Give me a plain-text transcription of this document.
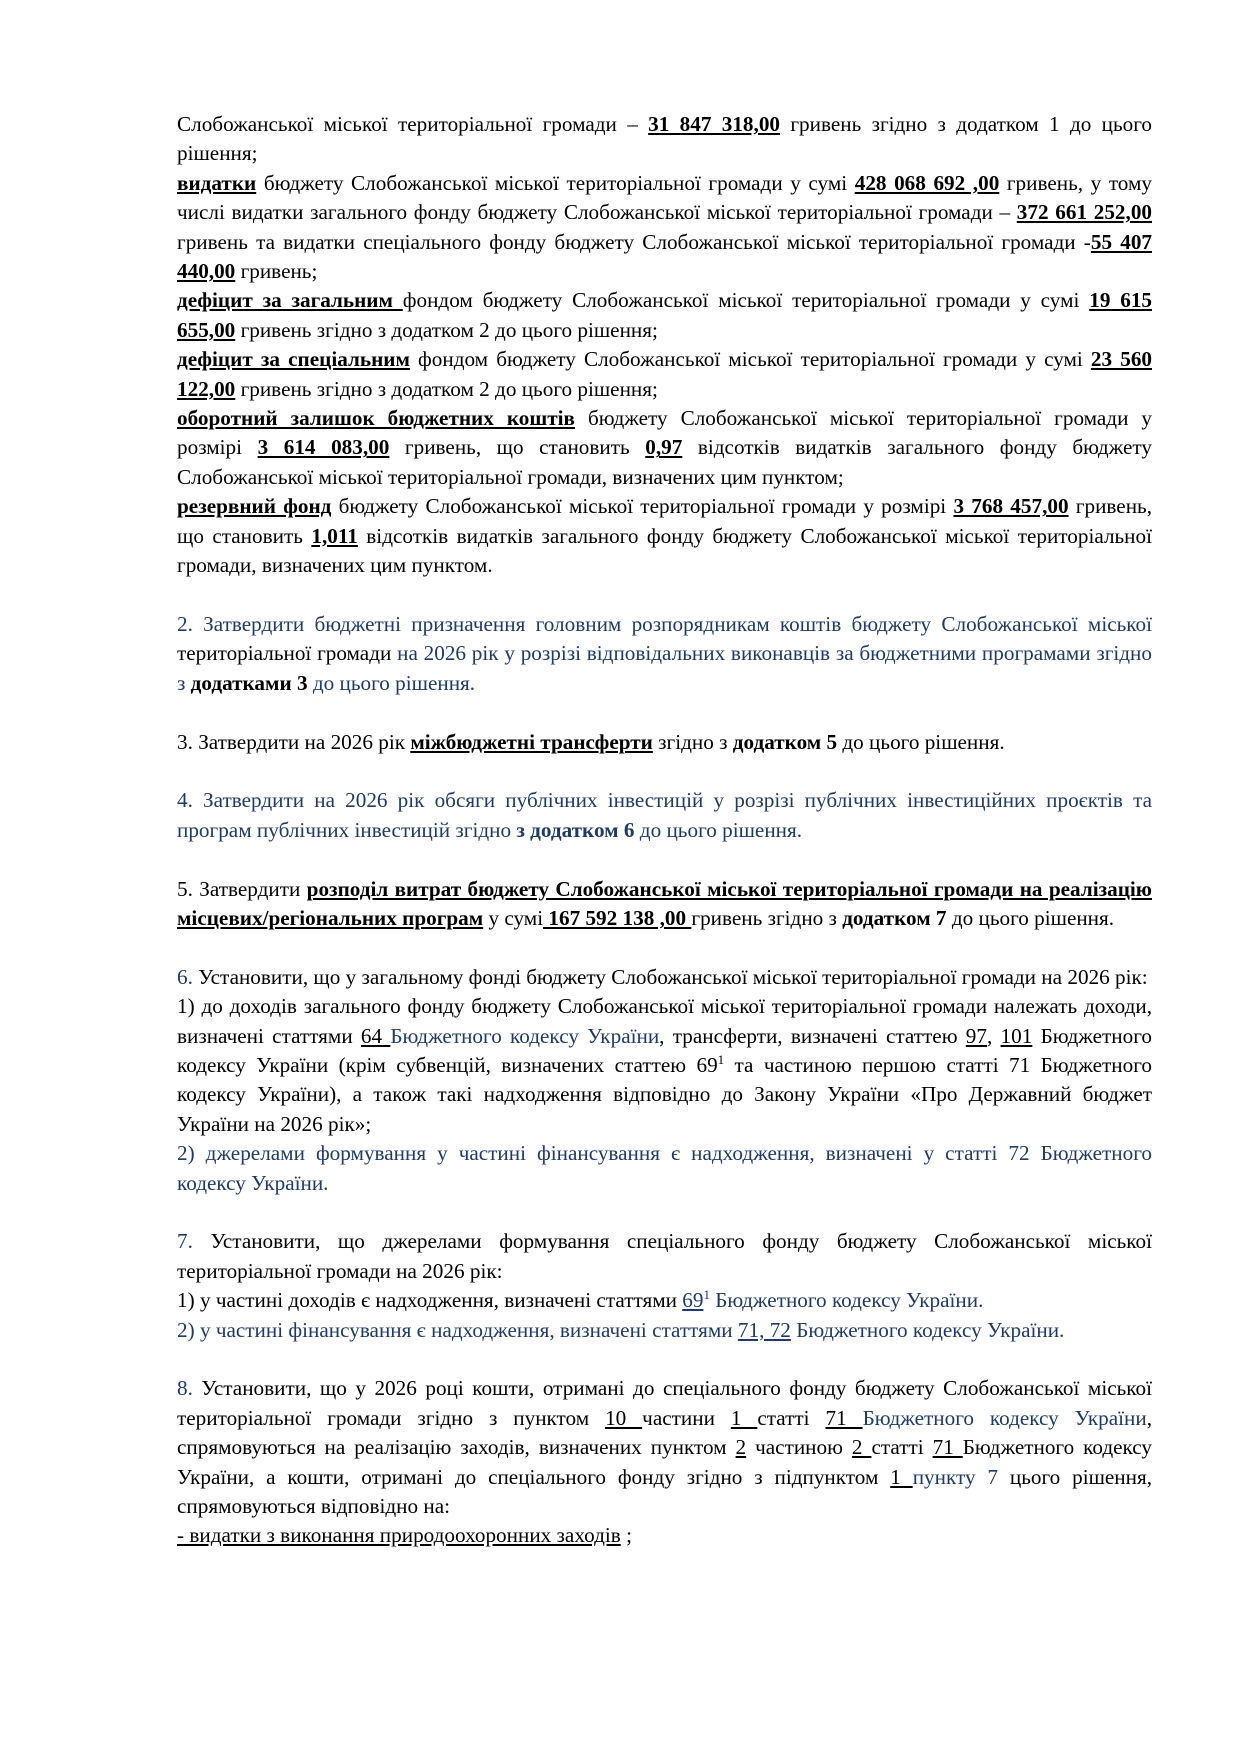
Слобожанської міської територіальної громади – 31 847 318,00 гривень згідно з додатком 1 до цього рішення;

видатки бюджету Слобожанської міської територіальної громади у сумі 428 068 692 ,00 гривень, у тому числі видатки загального фонду бюджету Слобожанської міської територіальної громади – 372 661 252,00 гривень та видатки спеціального фонду бюджету Слобожанської міської територіальної громади -55 407 440,00 гривень;

дефіцит за загальним фондом бюджету Слобожанської міської територіальної громади у сумі 19 615 655,00 гривень згідно з додатком 2 до цього рішення;

дефіцит за спеціальним фондом бюджету Слобожанської міської територіальної громади у сумі 23 560 122,00 гривень згідно з додатком 2 до цього рішення;

оборотний залишок бюджетних коштів бюджету Слобожанської міської територіальної громади у розмірі 3 614 083,00 гривень, що становить 0,97 відсотків видатків загального фонду бюджету Слобожанської міської територіальної громади, визначених цим пунктом;

резервний фонд бюджету Слобожанської міської територіальної громади у розмірі 3 768 457,00 гривень, що становить 1,011 відсотків видатків загального фонду бюджету Слобожанської міської територіальної громади, визначених цим пунктом.

2. Затвердити бюджетні призначення головним розпорядникам коштів бюджету Слобожанської міської територіальної громади на 2026 рік у розрізі відповідальних виконавців за бюджетними програмами згідно з додатками 3 до цього рішення.

3. Затвердити на 2026 рік міжбюджетні трансферти згідно з додатком 5 до цього рішення.

4. Затвердити на 2026 рік обсяги публічних інвестицій у розрізі публічних інвестиційних проєктів та програм публічних інвестицій згідно з додатком 6 до цього рішення.

5. Затвердити розподіл витрат бюджету Слобожанської міської територіальної громади на реалізацію місцевих/регіональних програм у сумі 167 592 138 ,00 гривень згідно з додатком 7 до цього рішення.

6. Установити, що у загальному фонді бюджету Слобожанської міської територіальної громади на 2026 рік:

1) до доходів загального фонду бюджету Слобожанської міської територіальної громади належать доходи, визначені статтями 64 Бюджетного кодексу України, трансферти, визначені статтею 97, 101 Бюджетного кодексу України (крім субвенцій, визначених статтею $69^1$ та частиною першою статті 71 Бюджетного кодексу України), а також такі надходження відповідно до Закону України «Про Державний бюджет України на 2026 рік»;

2) джерелами формування у частині фінансування є надходження, визначені у статті 72 Бюджетного кодексу України.

7. Установити, що джерелами формування спеціального фонду бюджету Слобожанської міської територіальної громади на 2026 рік:

1) у частині доходів є надходження, визначені статтями $69^1$ Бюджетного кодексу України.

2) у частині фінансування є надходження, визначені статтями 71, 72 Бюджетного кодексу України.

8. Установити, що у 2026 році кошти, отримані до спеціального фонду бюджету Слобожанської міської територіальної громади згідно з пунктом 10 частини 1 статті 71 Бюджетного кодексу України, спрямовуються на реалізацію заходів, визначених пунктом 2 частиною 2 статті 71 Бюджетного кодексу України, а кошти, отримані до спеціального фонду згідно з підпунктом 1 пункту 7 цього рішення, спрямовуються відповідно на:

- видатки з виконання природоохоронних заходів ;
